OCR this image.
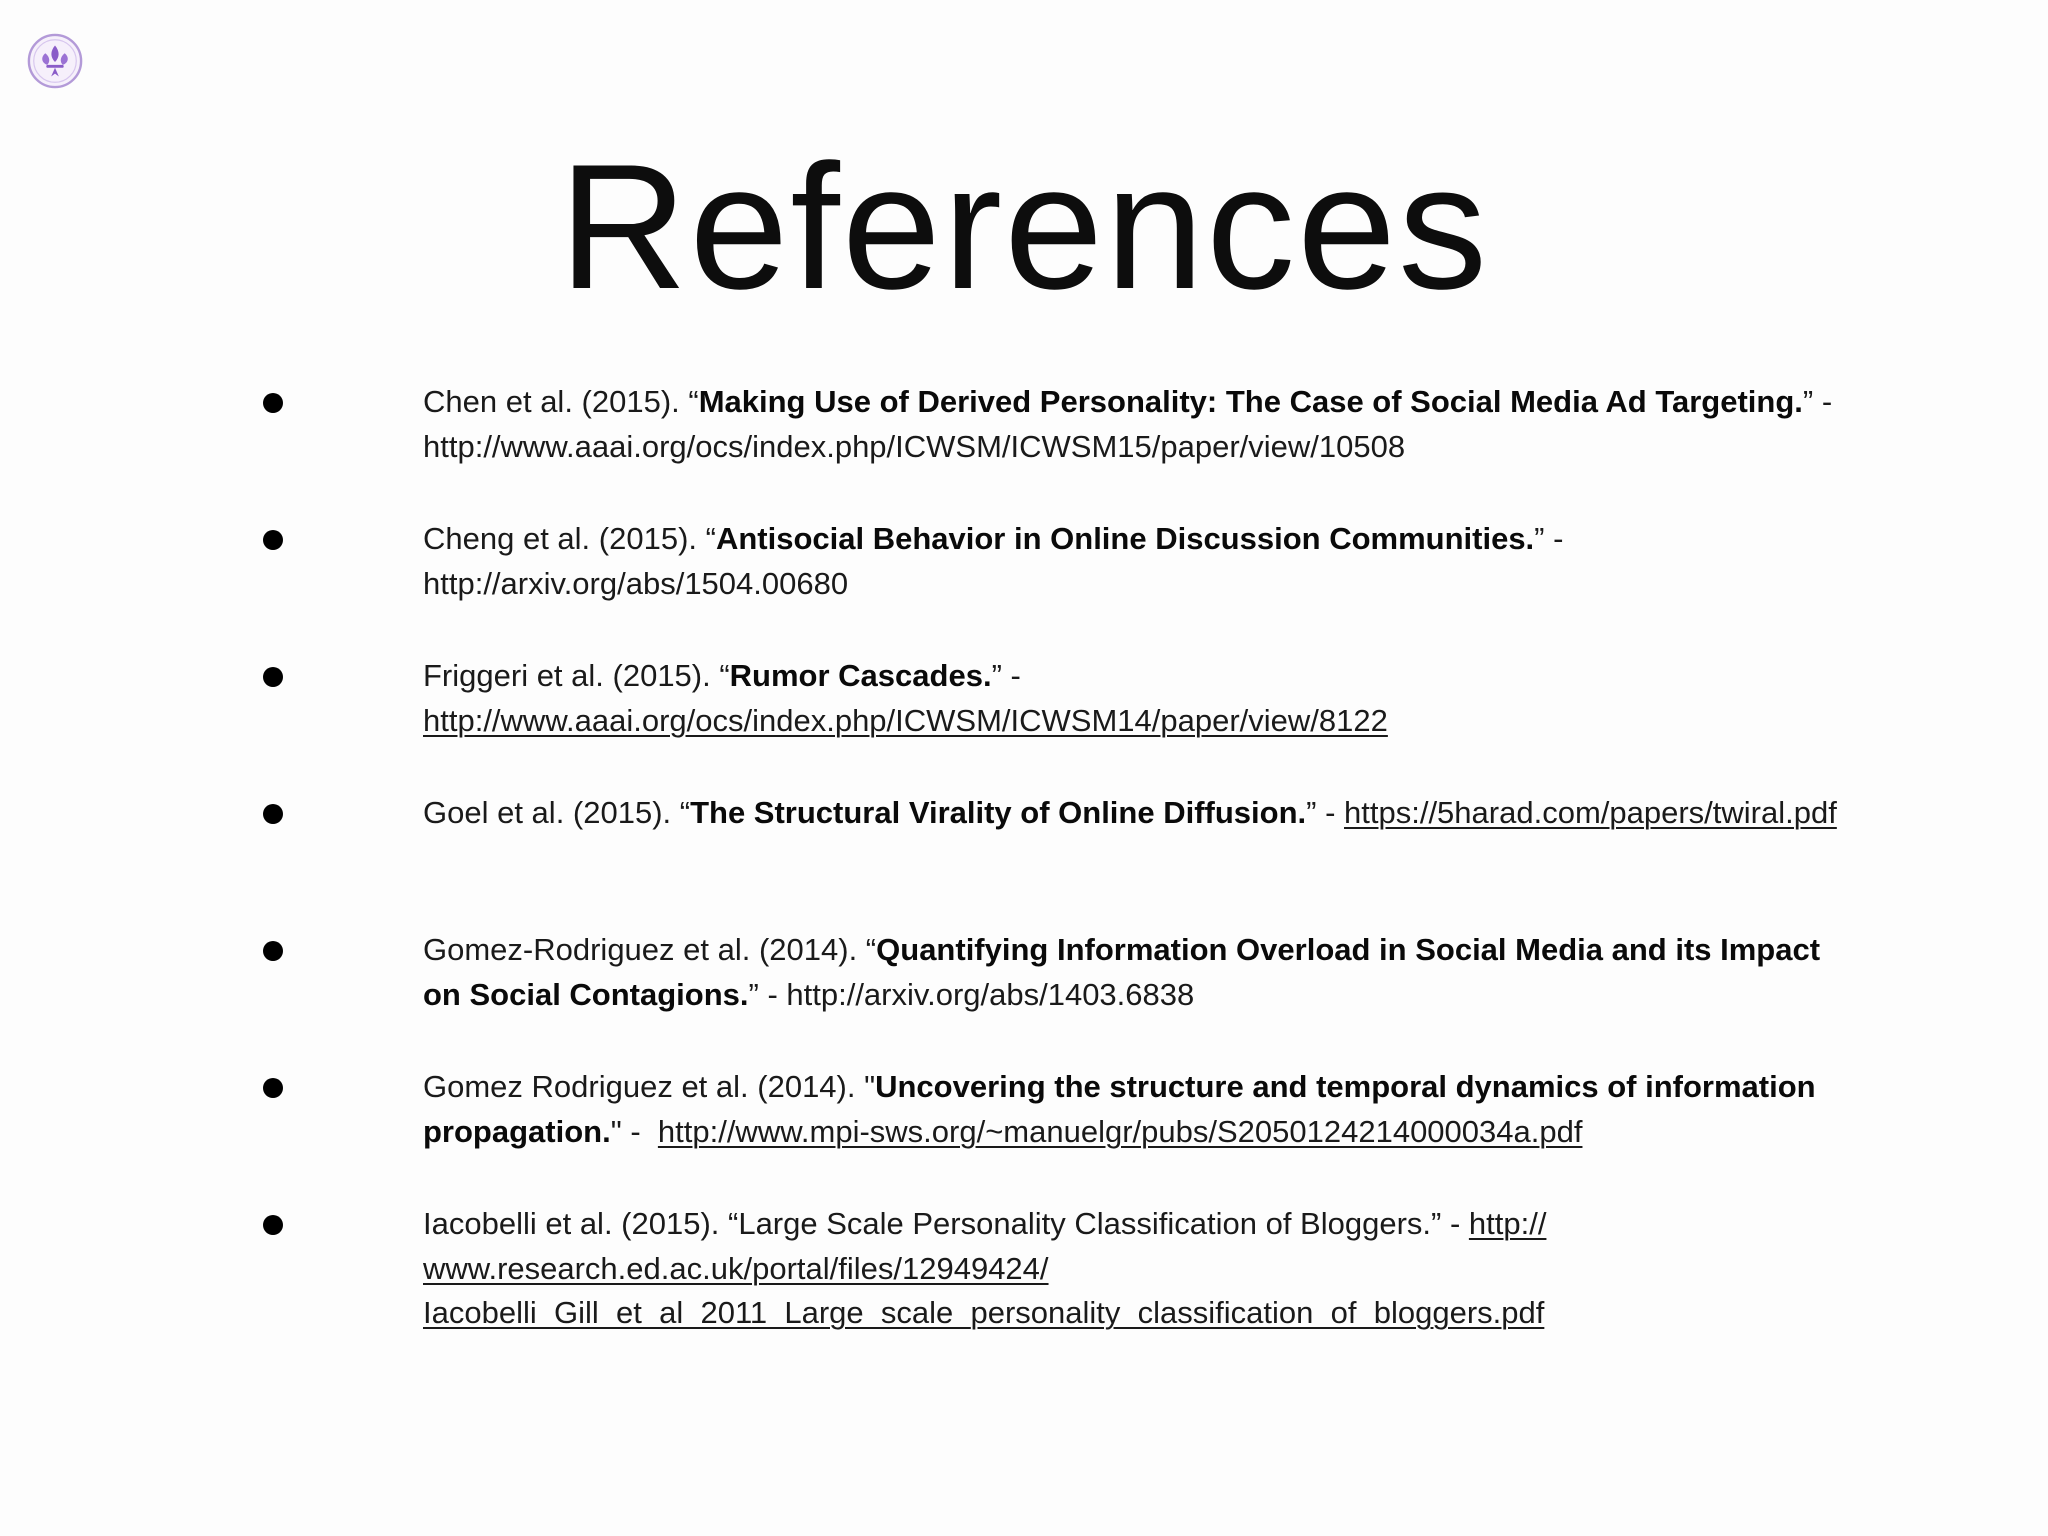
References
Chen et al. (2015). “Making Use of Derived Personality: The Case of Social Media Ad Targeting.” - http://www.aaai.org/ocs/index.php/ICWSM/ICWSM15/paper/view/10508
Cheng et al. (2015). “Antisocial Behavior in Online Discussion Communities.” - http://arxiv.org/abs/1504.00680
Friggeri et al. (2015). “Rumor Cascades.” - http://www.aaai.org/ocs/index.php/ICWSM/ICWSM14/paper/view/8122
Goel et al. (2015). “The Structural Virality of Online Diffusion.” - https://5harad.com/papers/twiral.pdf
Gomez-Rodriguez et al. (2014). “Quantifying Information Overload in Social Media and its Impact on Social Contagions.” - http://arxiv.org/abs/1403.6838
Gomez Rodriguez et al. (2014). "Uncovering the structure and temporal dynamics of information propagation." -  http://www.mpi-sws.org/~manuelgr/pubs/S2050124214000034a.pdf
Iacobelli et al. (2015). “Large Scale Personality Classification of Bloggers.” - http://
www.research.ed.ac.uk/portal/files/12949424/
Iacobelli_Gill_et_al_2011_Large_scale_personality_classification_of_bloggers.pdf
